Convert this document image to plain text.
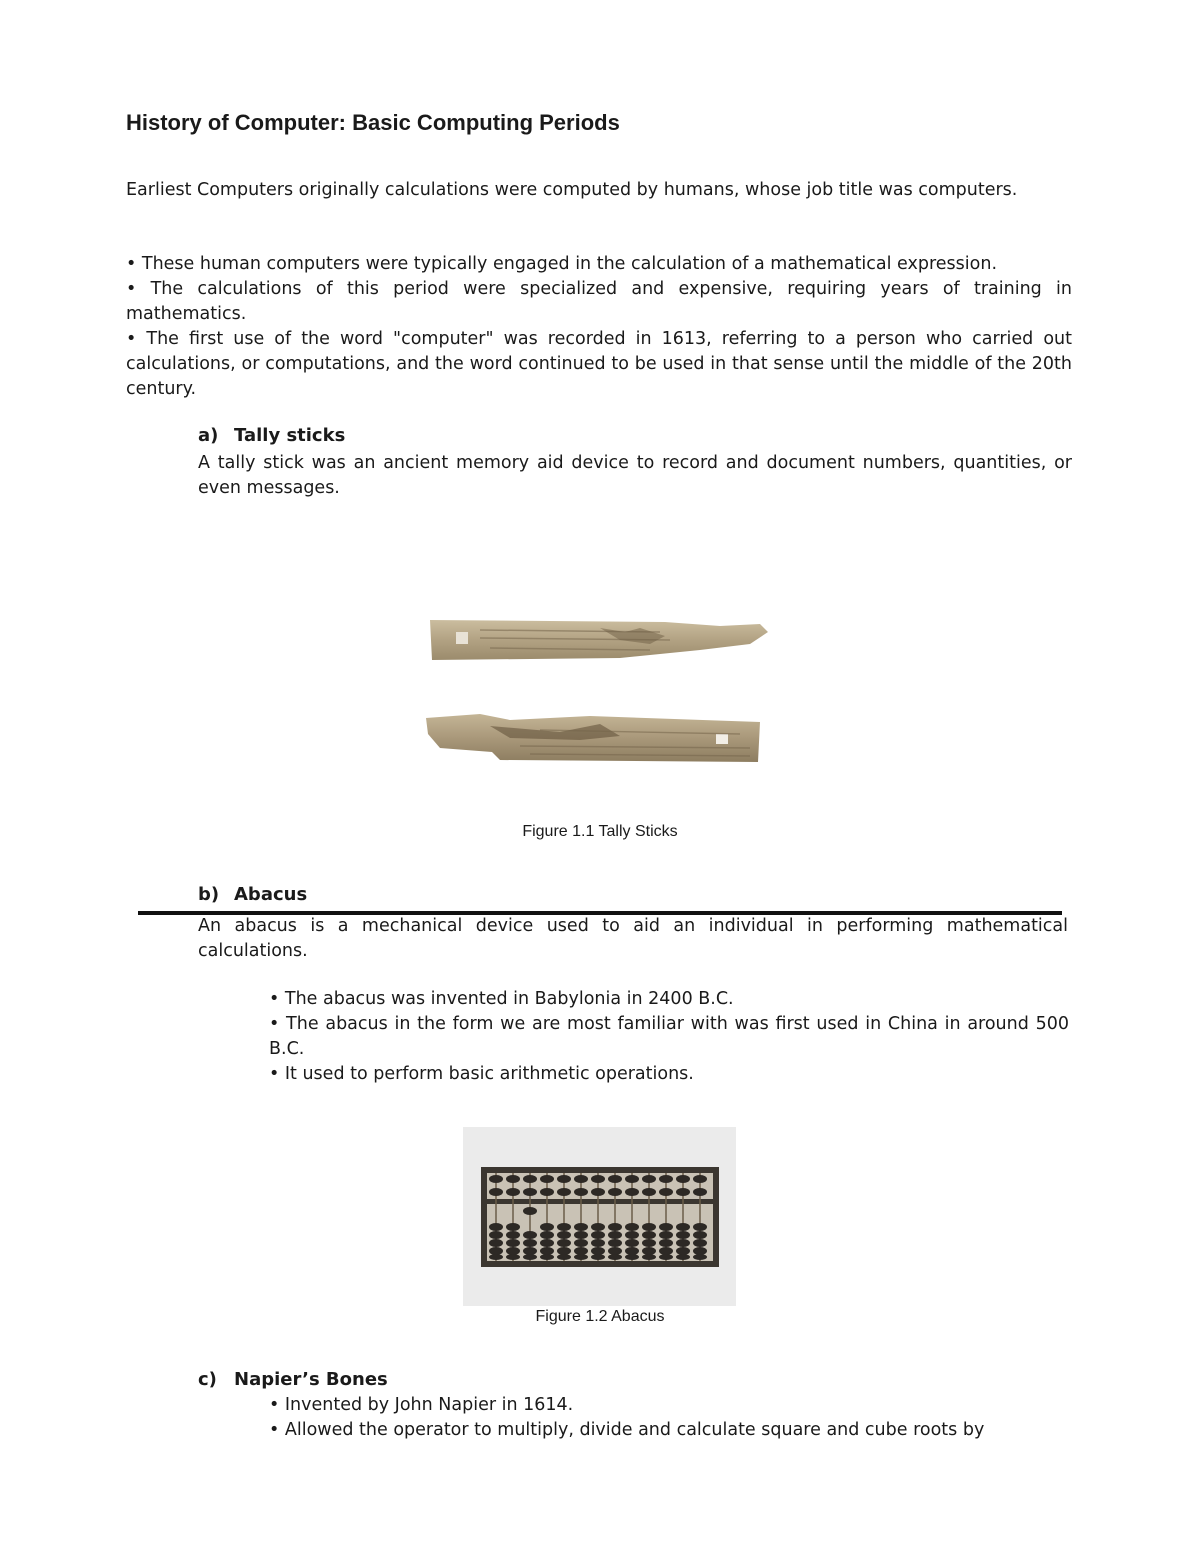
History of Computer: Basic Computing Periods

Earliest Computers originally calculations were computed by humans, whose job title was computers.

• These human computers were typically engaged in the calculation of a mathematical expression.

• The calculations of this period were specialized and expensive, requiring years of training in mathematics.

• The first use of the word "computer" was recorded in 1613, referring to a person who carried out calculations, or computations, and the word continued to be used in that sense until the middle of the 20th century.

a) Tally sticks

A tally stick was an ancient memory aid device to record and document numbers, quantities, or even messages.

Figure 1.1 Tally Sticks

b) Abacus

An abacus is a mechanical device used to aid an individual in performing mathematical calculations.

• The abacus was invented in Babylonia in 2400 B.C.

• The abacus in the form we are most familiar with was first used in China in around 500 B.C.

• It used to perform basic arithmetic operations.

Figure 1.2 Abacus

c) Napier’s Bones

• Invented by John Napier in 1614.

• Allowed the operator to multiply, divide and calculate square and cube roots by
